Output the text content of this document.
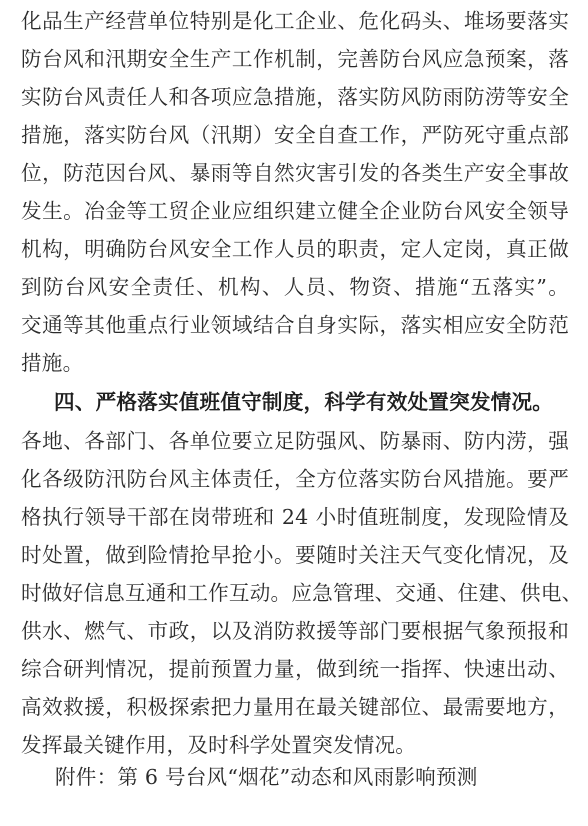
化品生产经营单位特别是化工企业、危化码头、堆场要落实
防台风和汛期安全生产工作机制，完善防台风应急预案，落
实防台风责任人和各项应急措施，落实防风防雨防涝等安全
措施，落实防台风（汛期）安全自查工作，严防死守重点部
位，防范因台风、暴雨等自然灾害引发的各类生产安全事故
发生。冶金等工贸企业应组织建立健全企业防台风安全领导
机构，明确防台风安全工作人员的职责，定人定岗，真正做
到防台风安全责任、机构、人员、物资、措施“五落实”。
交通等其他重点行业领域结合自身实际，落实相应安全防范
措施。
四、严格落实值班值守制度，科学有效处置突发情况。
各地、各部门、各单位要立足防强风、防暴雨、防内涝，强
化各级防汛防台风主体责任，全方位落实防台风措施。要严
格执行领导干部在岗带班和 24 小时值班制度，发现险情及
时处置，做到险情抢早抢小。要随时关注天气变化情况，及
时做好信息互通和工作互动。应急管理、交通、住建、供电、
供水、燃气、市政，以及消防救援等部门要根据气象预报和
综合研判情况，提前预置力量，做到统一指挥、快速出动、
高效救援，积极探索把力量用在最关键部位、最需要地方，
发挥最关键作用，及时科学处置突发情况。
附件：第 6 号台风“烟花”动态和风雨影响预测
